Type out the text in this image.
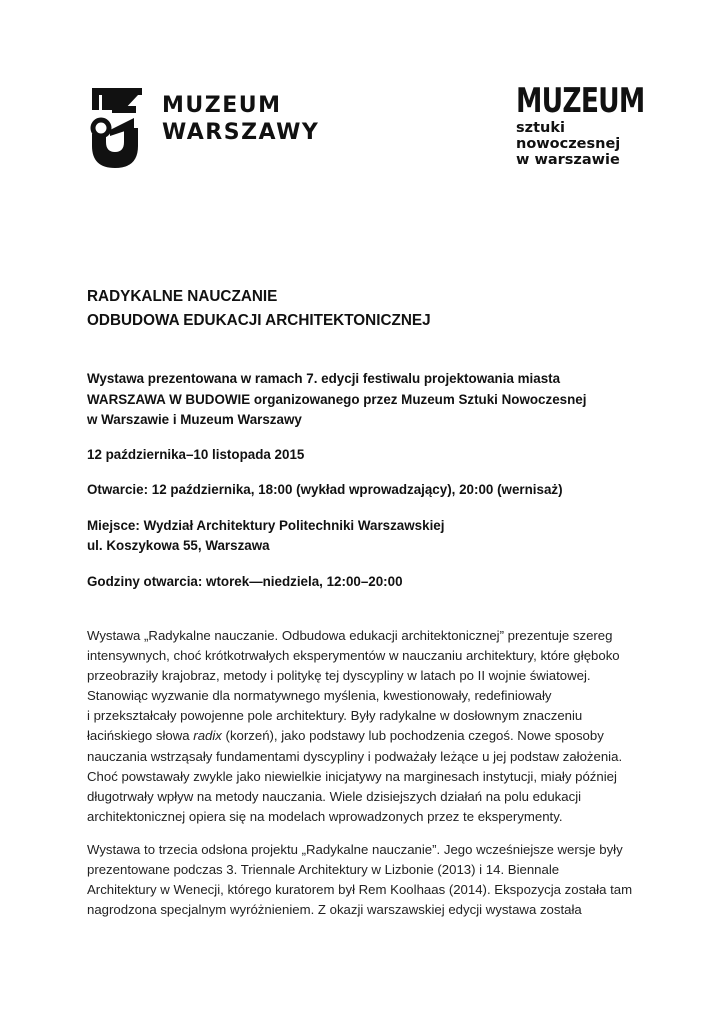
MUZEUM
WARSZAWY
MUZEUM
sztuki
nowoczesnej
w warszawie
RADYKALNE NAUCZANIE
ODBUDOWA EDUKACJI ARCHITEKTONICZNEJ

Wystawa prezentowana w ramach 7. edycji festiwalu projektowania miasta

WARSZAWA W BUDOWIE organizowanego przez Muzeum Sztuki Nowoczesnej

w Warszawie i Muzeum Warszawy

12 października–10 listopada 2015

Otwarcie: 12 października, 18:00 (wykład wprowadzający), 20:00 (wernisaż)

Miejsce: Wydział Architektury Politechniki Warszawskiej

ul. Koszykowa 55, Warszawa

Godziny otwarcia: wtorek—niedziela, 12:00–20:00

Wystawa „Radykalne nauczanie. Odbudowa edukacji architektonicznej” prezentuje szereg
intensywnych, choć krótkotrwałych eksperymentów w nauczaniu architektury, które głęboko
przeobraziły krajobraz, metody i politykę tej dyscypliny w latach po II wojnie światowej.
Stanowiąc wyzwanie dla normatywnego myślenia, kwestionowały, redefiniowały
i przekształcały powojenne pole architektury. Były radykalne w dosłownym znaczeniu
łacińskiego słowa radix (korzeń), jako podstawy lub pochodzenia czegoś. Nowe sposoby
nauczania wstrząsały fundamentami dyscypliny i podważały leżące u jej podstaw założenia.
Choć powstawały zwykle jako niewielkie inicjatywy na marginesach instytucji, miały później
długotrwały wpływ na metody nauczania. Wiele dzisiejszych działań na polu edukacji
architektonicznej opiera się na modelach wprowadzonych przez te eksperymenty.

Wystawa to trzecia odsłona projektu „Radykalne nauczanie”. Jego wcześniejsze wersje były
prezentowane podczas 3. Triennale Architektury w Lizbonie (2013) i 14. Biennale
Architektury w Wenecji, którego kuratorem był Rem Koolhaas (2014). Ekspozycja została tam
nagrodzona specjalnym wyróżnieniem. Z okazji warszawskiej edycji wystawa została
